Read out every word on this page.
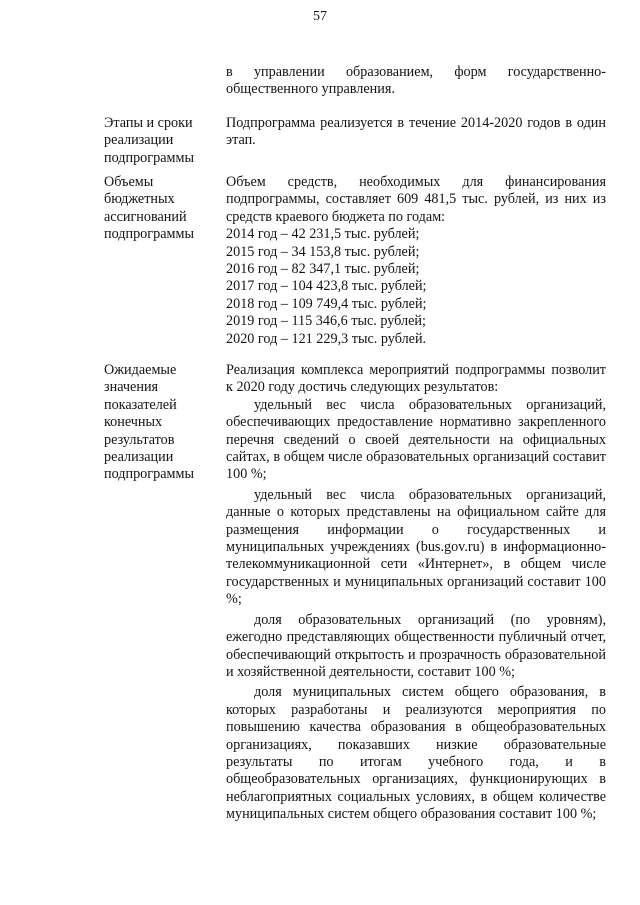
57

в управлении образованием, форм государственно-общественного управления.

Этапы и сроки
реализации
подпрограммы

Подпрограмма реализуется в течение 2014-2020 годов в один этап.

Объемы
бюджетных
ассигнований
подпрограммы

Объем средств, необходимых для финансирования подпрограммы, составляет 609 481,5 тыс. рублей, из них из средств краевого бюджета по годам:

2014 год – 42 231,5 тыс. рублей;
2015 год – 34 153,8 тыс. рублей;
2016 год – 82 347,1 тыс. рублей;
2017 год – 104 423,8 тыс. рублей;
2018 год – 109 749,4 тыс. рублей;
2019 год – 115 346,6 тыс. рублей;
2020 год – 121 229,3 тыс. рублей.
Ожидаемые
значения
показателей
конечных
результатов
реализации
подпрограммы

Реализация комплекса мероприятий подпрограммы позволит к 2020 году достичь следующих результатов:

удельный вес числа образовательных организаций, обеспечивающих предоставление нормативно закрепленного перечня сведений о своей деятельности на официальных сайтах, в общем числе образовательных организаций составит 100 %;

удельный вес числа образовательных организаций, данные о которых представлены на официальном сайте для размещения информации о государственных и муниципальных учреждениях (bus.gov.ru) в информационно-телекоммуникационной сети «Интернет», в общем числе государственных и муниципальных организаций составит 100 %;

доля образовательных организаций (по уровням), ежегодно представляющих общественности публичный отчет, обеспечивающий открытость и прозрачность образовательной и хозяйственной деятельности, составит 100 %;

доля муниципальных систем общего образования, в которых разработаны и реализуются мероприятия по повышению качества образования в общеобразовательных организациях, показавших низкие образовательные результаты по итогам учебного года, и в общеобразовательных организациях, функционирующих в неблагоприятных социальных условиях, в общем количестве муниципальных систем общего образования составит 100 %;
